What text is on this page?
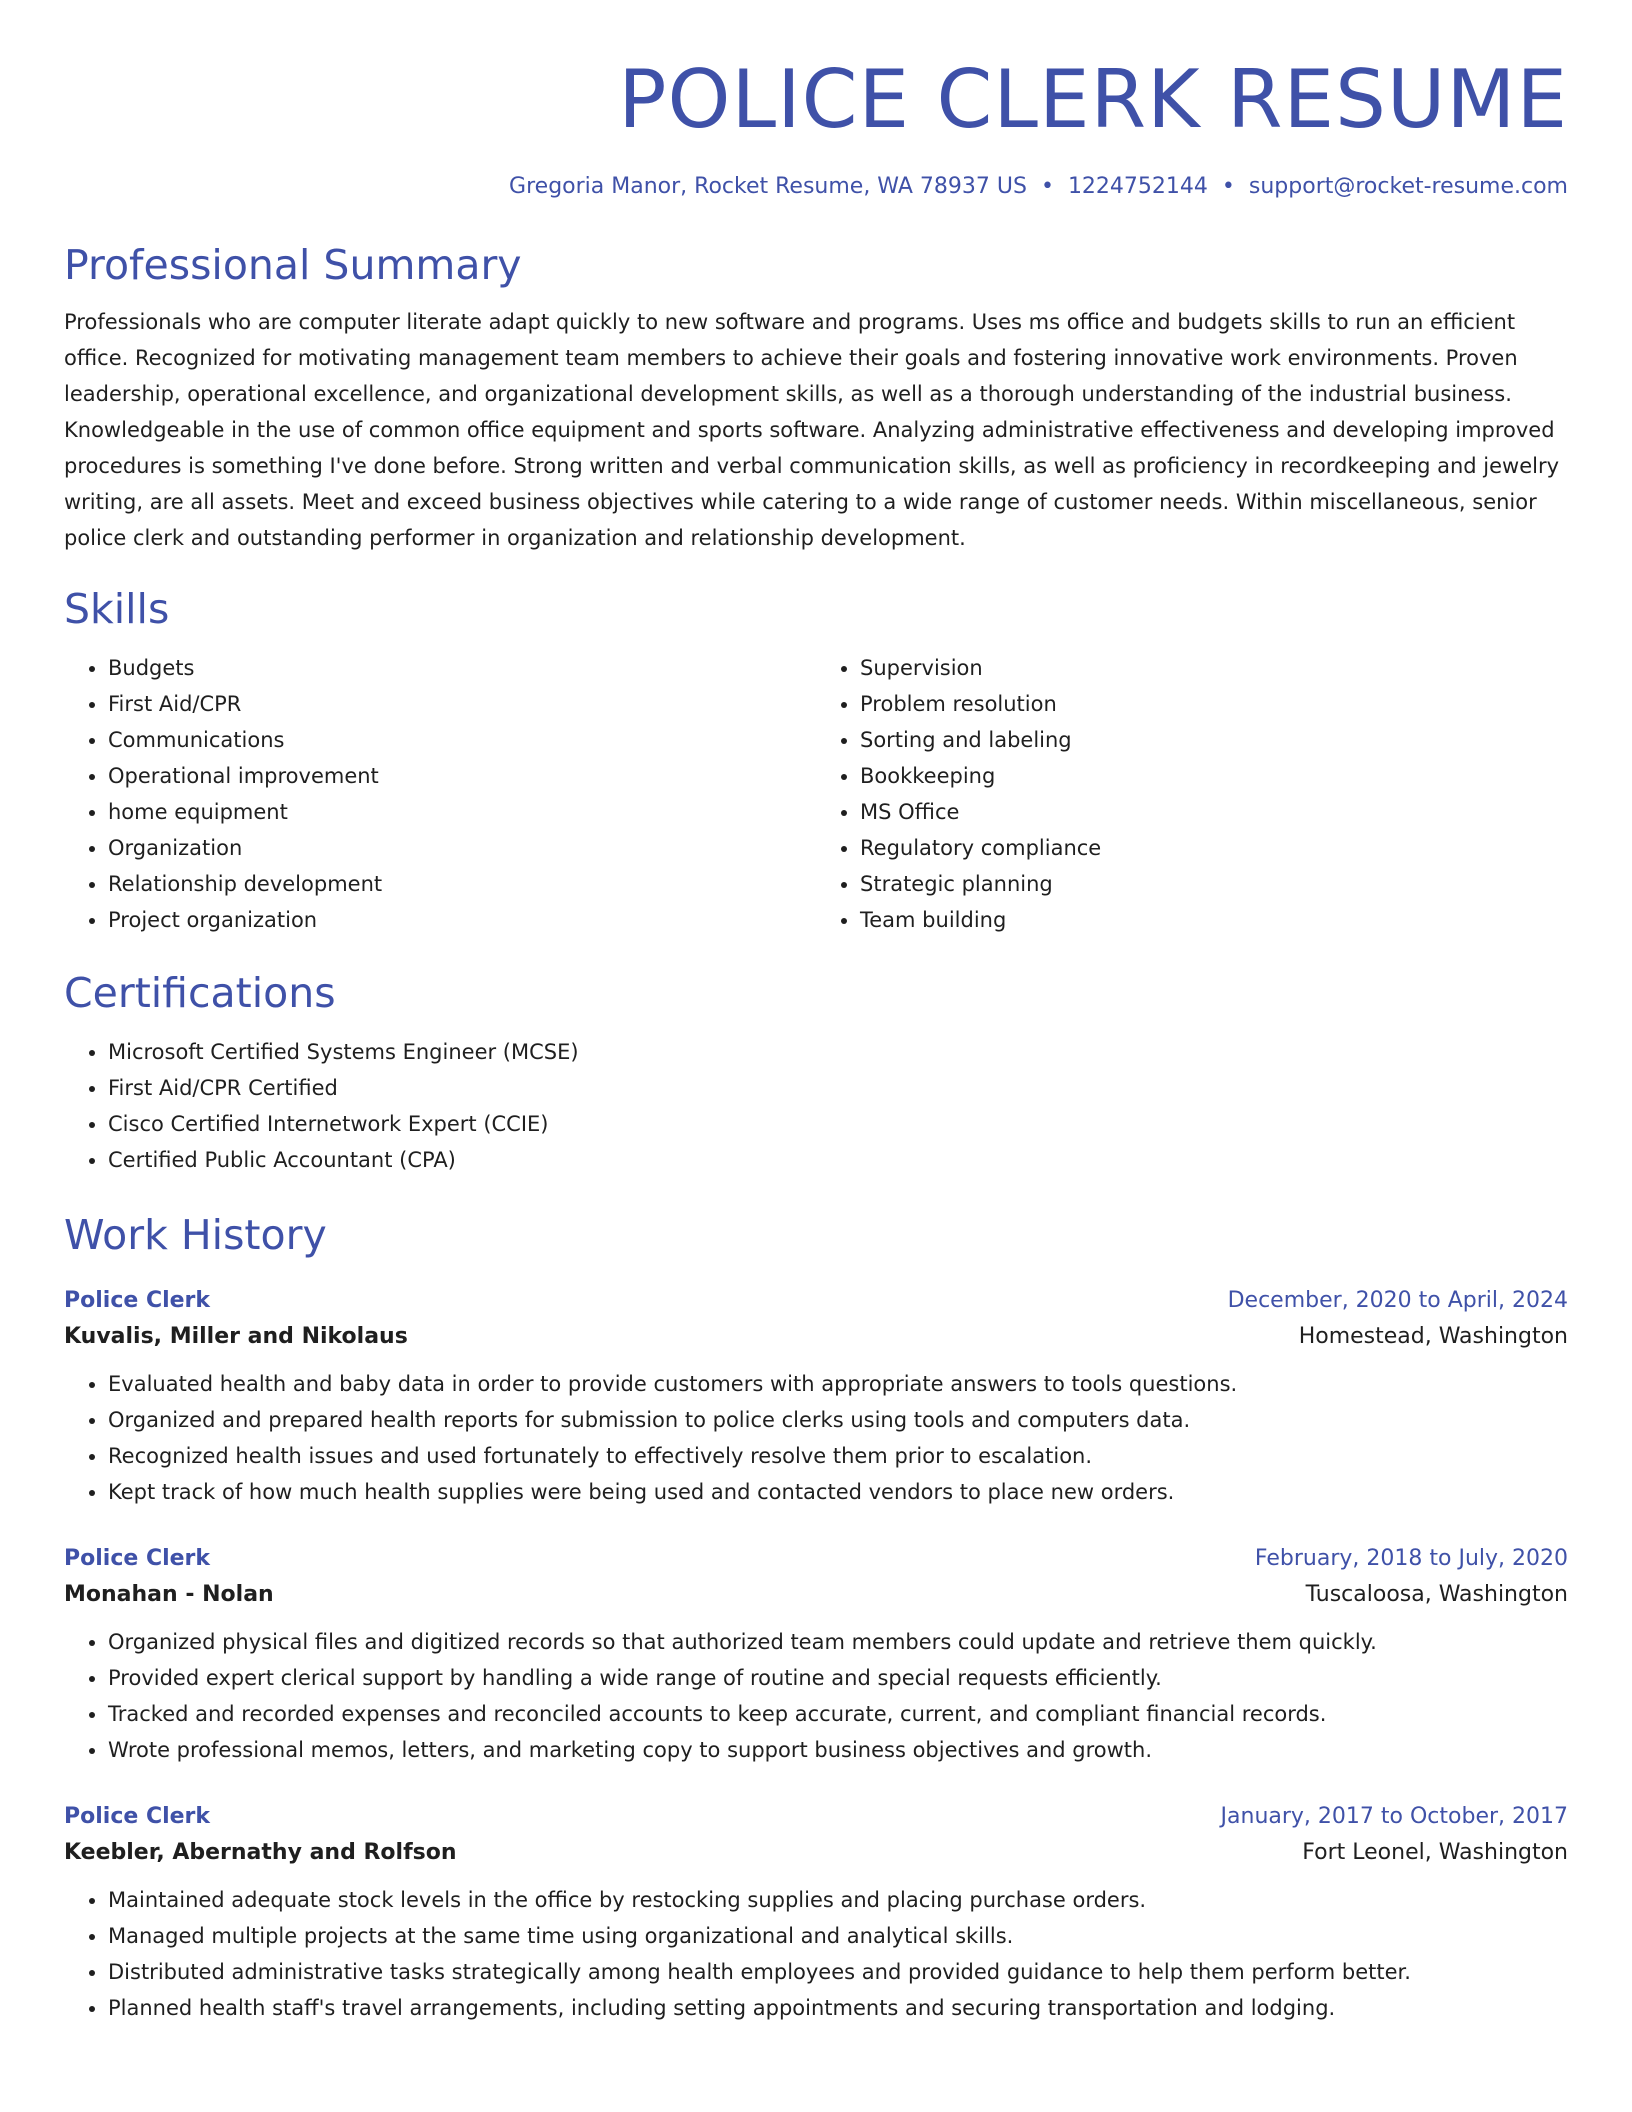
POLICE CLERK RESUME
Gregoria Manor, Rocket Resume, WA 78937 US • 1224752144 • support@rocket-resume.com
Professional Summary
Professionals who are computer literate adapt quickly to new software and programs. Uses ms office and budgets skills to run an efficient office. Recognized for motivating management team members to achieve their goals and fostering innovative work environments. Proven leadership, operational excellence, and organizational development skills, as well as a thorough understanding of the industrial business. Knowledgeable in the use of common office equipment and sports software. Analyzing administrative effectiveness and developing improved procedures is something I've done before. Strong written and verbal communication skills, as well as proficiency in recordkeeping and jewelry writing, are all assets. Meet and exceed business objectives while catering to a wide range of customer needs. Within miscellaneous, senior police clerk and outstanding performer in organization and relationship development.
Skills
• Budgets
• First Aid/CPR
• Communications
• Operational improvement
• home equipment
• Organization
• Relationship development
• Project organization
• Supervision
• Problem resolution
• Sorting and labeling
• Bookkeeping
• MS Office
• Regulatory compliance
• Strategic planning
• Team building
Certifications
• Microsoft Certified Systems Engineer (MCSE)
• First Aid/CPR Certified
• Cisco Certified Internetwork Expert (CCIE)
• Certified Public Accountant (CPA)
Work History
Police Clerk	December, 2020 to April, 2024
Kuvalis, Miller and Nikolaus	Homestead, Washington
• Evaluated health and baby data in order to provide customers with appropriate answers to tools questions.
• Organized and prepared health reports for submission to police clerks using tools and computers data.
• Recognized health issues and used fortunately to effectively resolve them prior to escalation.
• Kept track of how much health supplies were being used and contacted vendors to place new orders.
Police Clerk	February, 2018 to July, 2020
Monahan - Nolan	Tuscaloosa, Washington
• Organized physical files and digitized records so that authorized team members could update and retrieve them quickly.
• Provided expert clerical support by handling a wide range of routine and special requests efficiently.
• Tracked and recorded expenses and reconciled accounts to keep accurate, current, and compliant financial records.
• Wrote professional memos, letters, and marketing copy to support business objectives and growth.
Police Clerk	January, 2017 to October, 2017
Keebler, Abernathy and Rolfson	Fort Leonel, Washington
• Maintained adequate stock levels in the office by restocking supplies and placing purchase orders.
• Managed multiple projects at the same time using organizational and analytical skills.
• Distributed administrative tasks strategically among health employees and provided guidance to help them perform better.
• Planned health staff's travel arrangements, including setting appointments and securing transportation and lodging.
